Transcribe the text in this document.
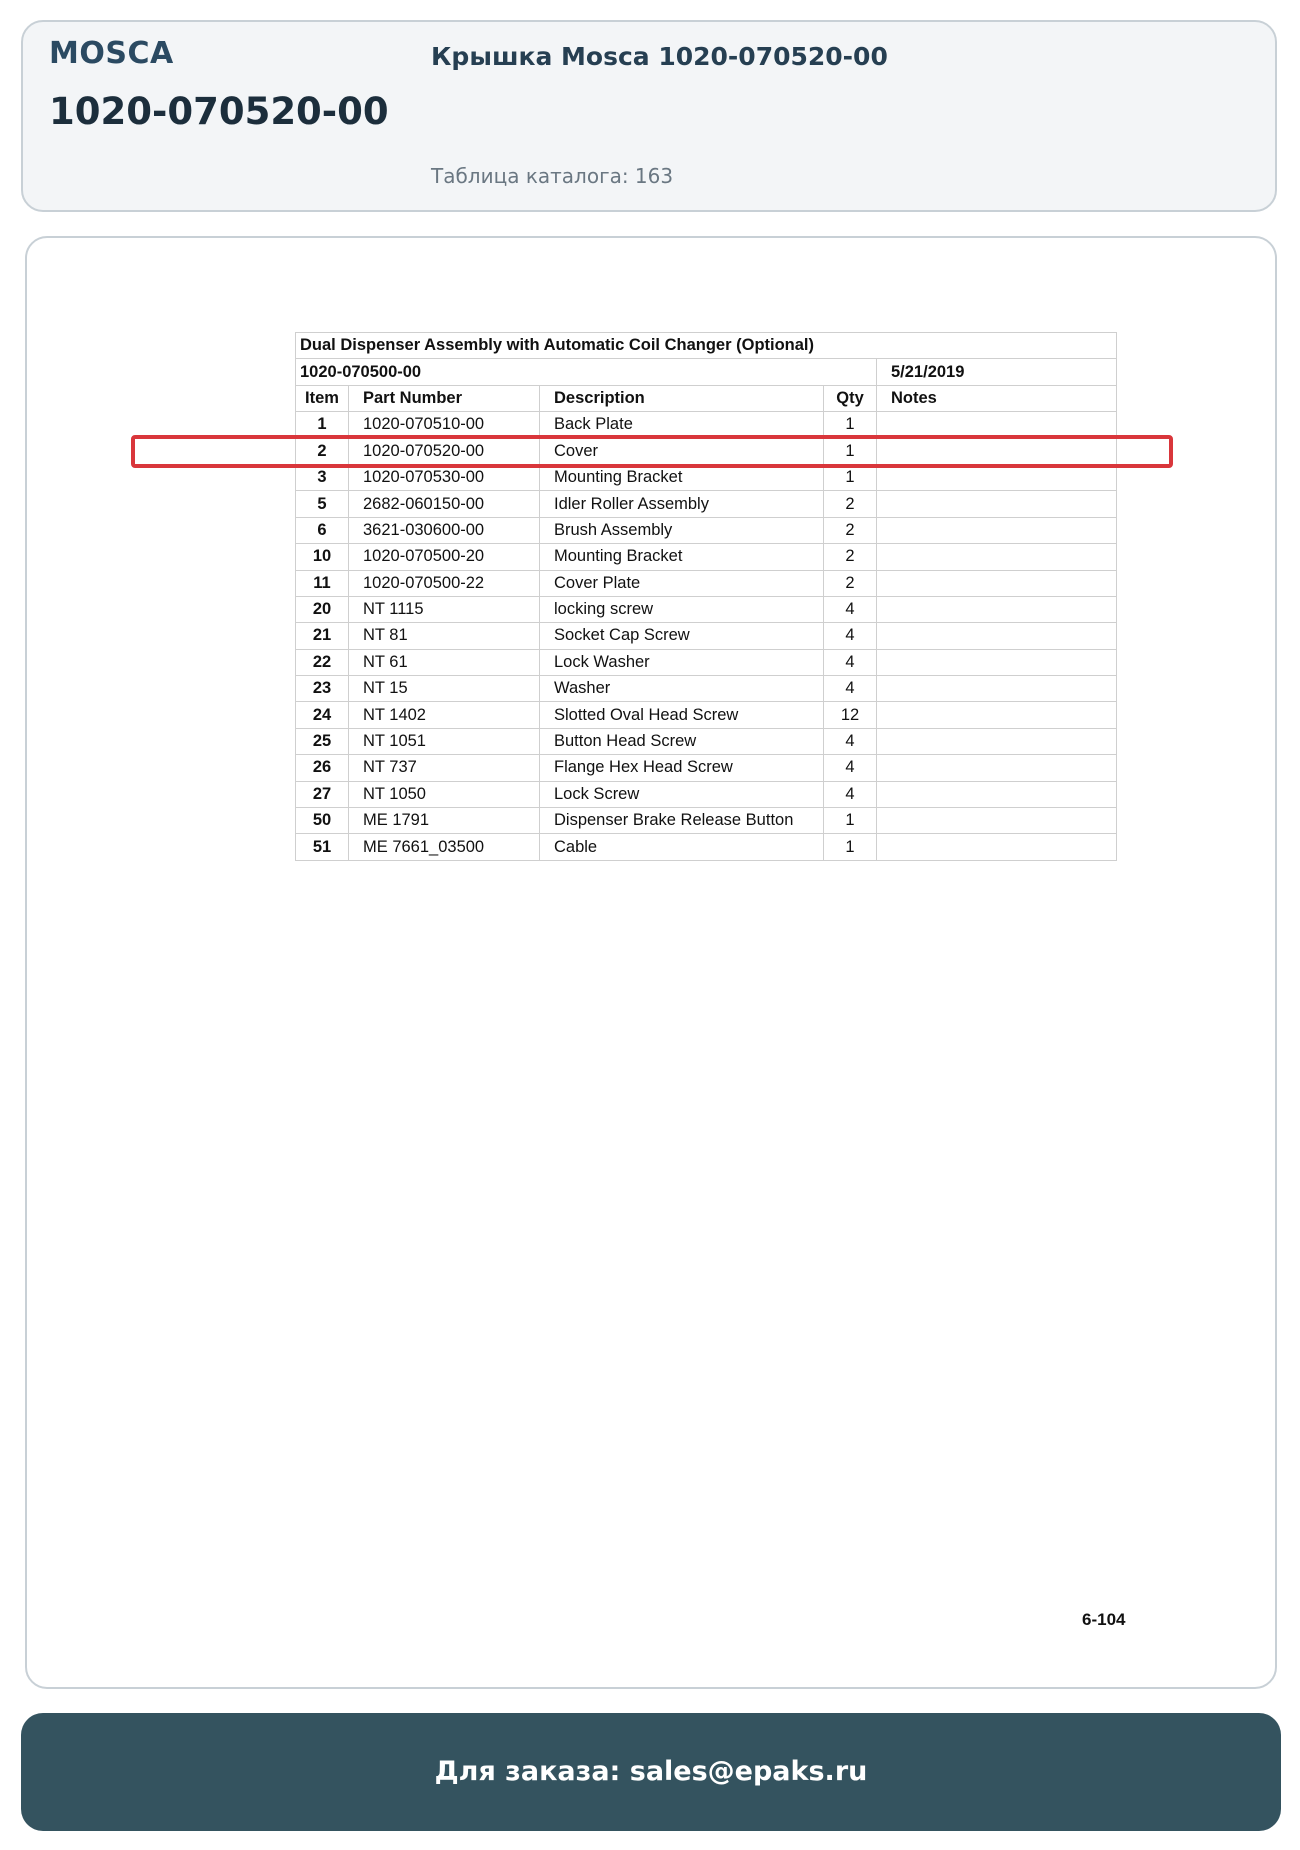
MOSCA
1020-070520-00
Крышка Mosca 1020-070520-00
Таблица каталога: 163
Dual Dispenser Assembly with Automatic Coil Changer (Optional)				
1020-070500-00				5/21/2019
Item	Part Number	Description	Qty	Notes
1	1020-070510-00	Back Plate	1	
2	1020-070520-00	Cover	1	
3	1020-070530-00	Mounting Bracket	1	
5	2682-060150-00	Idler Roller Assembly	2	
6	3621-030600-00	Brush Assembly	2	
10	1020-070500-20	Mounting Bracket	2	
11	1020-070500-22	Cover Plate	2	
20	NT 1115	locking screw	4	
21	NT 81	Socket Cap Screw	4	
22	NT 61	Lock Washer	4	
23	NT 15	Washer	4	
24	NT 1402	Slotted Oval Head Screw	12	
25	NT 1051	Button Head Screw	4	
26	NT 737	Flange Hex Head Screw	4	
27	NT 1050	Lock Screw	4	
50	ME 1791	Dispenser Brake Release Button	1	
51	ME 7661_03500	Cable	1	
6-104
Для заказа: sales@epaks.ru
